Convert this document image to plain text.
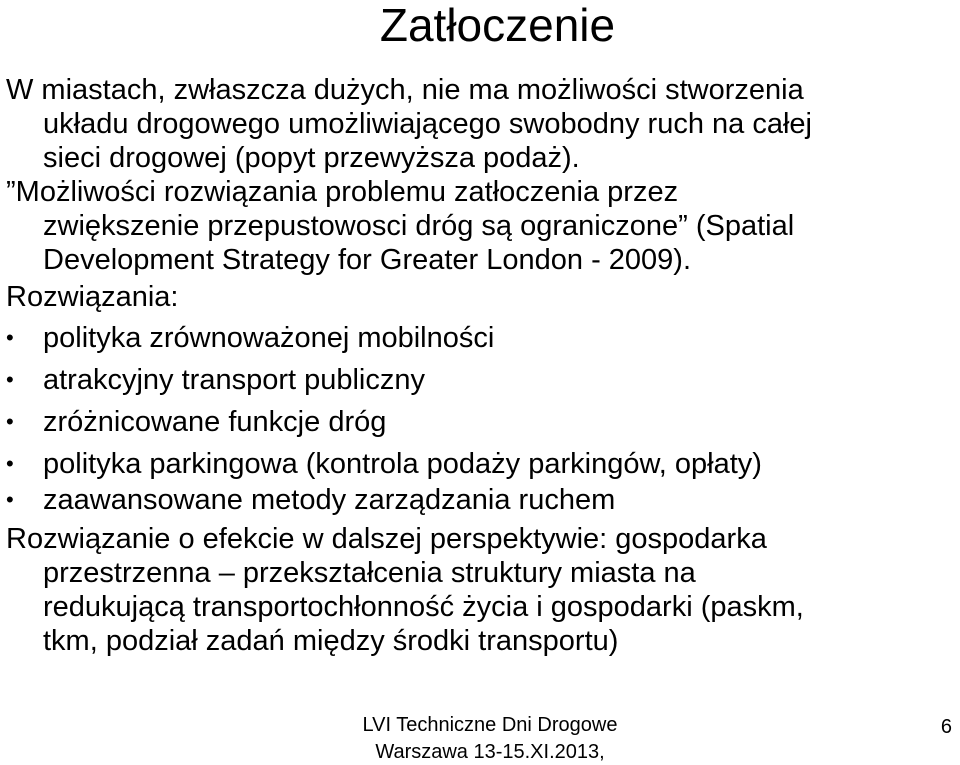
Zatłoczenie
W miastach, zwłaszcza dużych, nie ma możliwości stworzenia
układu drogowego umożliwiającego swobodny ruch na całej
sieci drogowej (popyt przewyższa podaż).
”Możliwości rozwiązania problemu zatłoczenia przez
zwiększenie przepustowosci dróg są ograniczone” (Spatial
Development Strategy for Greater London - 2009).
Rozwiązania:
• polityka zrównoważonej mobilności
• atrakcyjny transport publiczny
• zróżnicowane funkcje dróg
• polityka parkingowa (kontrola podaży parkingów, opłaty)
• zaawansowane metody zarządzania ruchem
Rozwiązanie o efekcie w dalszej perspektywie: gospodarka
przestrzenna – przekształcenia struktury miasta na
redukującą transportochłonność życia i gospodarki (paskm,
tkm, podział zadań między środki transportu)
LVI Techniczne Dni Drogowe
Warszawa 13-15.XI.2013,
6
